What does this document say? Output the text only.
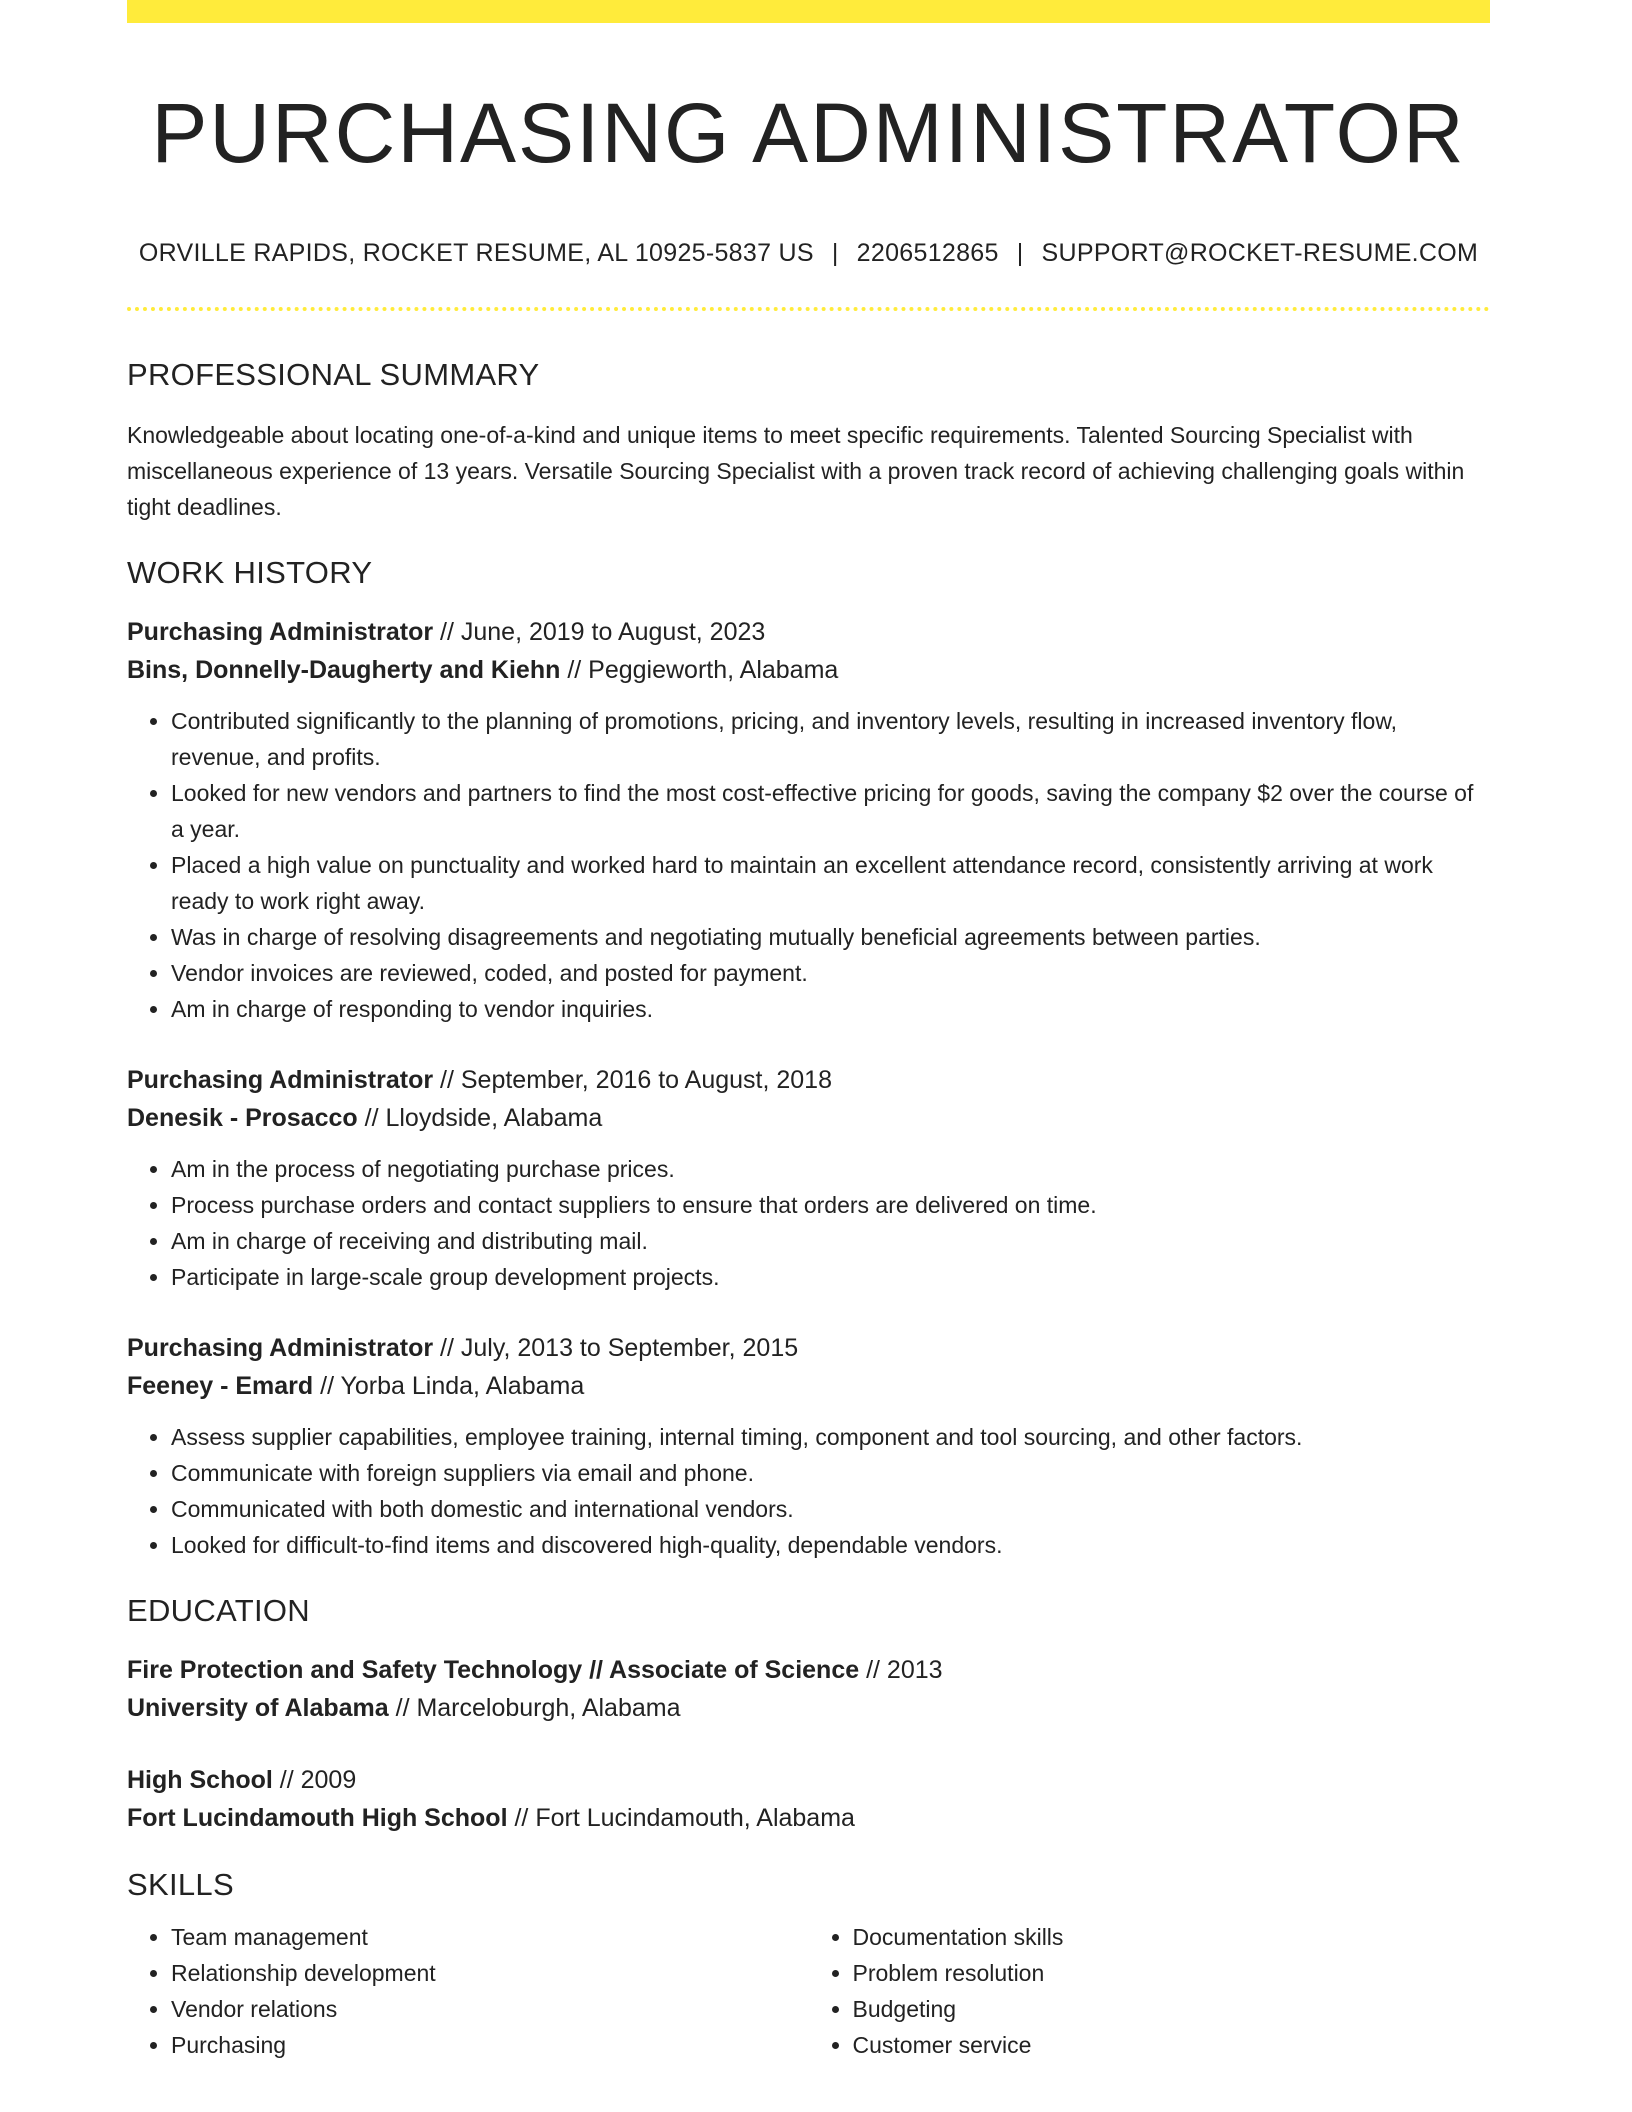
PURCHASING ADMINISTRATOR
ORVILLE RAPIDS, ROCKET RESUME, AL 10925-5837 US | 2206512865 | SUPPORT@ROCKET-RESUME.COM
PROFESSIONAL SUMMARY
Knowledgeable about locating one-of-a-kind and unique items to meet specific requirements. Talented Sourcing Specialist with miscellaneous experience of 13 years. Versatile Sourcing Specialist with a proven track record of achieving challenging goals within tight deadlines.
WORK HISTORY
Purchasing Administrator // June, 2019 to August, 2023
Bins, Donnelly-Daugherty and Kiehn // Peggieworth, Alabama
• Contributed significantly to the planning of promotions, pricing, and inventory levels, resulting in increased inventory flow, revenue, and profits.
• Looked for new vendors and partners to find the most cost-effective pricing for goods, saving the company $2 over the course of a year.
• Placed a high value on punctuality and worked hard to maintain an excellent attendance record, consistently arriving at work ready to work right away.
• Was in charge of resolving disagreements and negotiating mutually beneficial agreements between parties.
• Vendor invoices are reviewed, coded, and posted for payment.
• Am in charge of responding to vendor inquiries.
Purchasing Administrator // September, 2016 to August, 2018
Denesik - Prosacco // Lloydside, Alabama
• Am in the process of negotiating purchase prices.
• Process purchase orders and contact suppliers to ensure that orders are delivered on time.
• Am in charge of receiving and distributing mail.
• Participate in large-scale group development projects.
Purchasing Administrator // July, 2013 to September, 2015
Feeney - Emard // Yorba Linda, Alabama
• Assess supplier capabilities, employee training, internal timing, component and tool sourcing, and other factors.
• Communicate with foreign suppliers via email and phone.
• Communicated with both domestic and international vendors.
• Looked for difficult-to-find items and discovered high-quality, dependable vendors.
EDUCATION
Fire Protection and Safety Technology // Associate of Science // 2013
University of Alabama // Marceloburgh, Alabama
High School // 2009
Fort Lucindamouth High School // Fort Lucindamouth, Alabama
SKILLS
• Team management
• Relationship development
• Vendor relations
• Purchasing
• Documentation skills
• Problem resolution
• Budgeting
• Customer service
